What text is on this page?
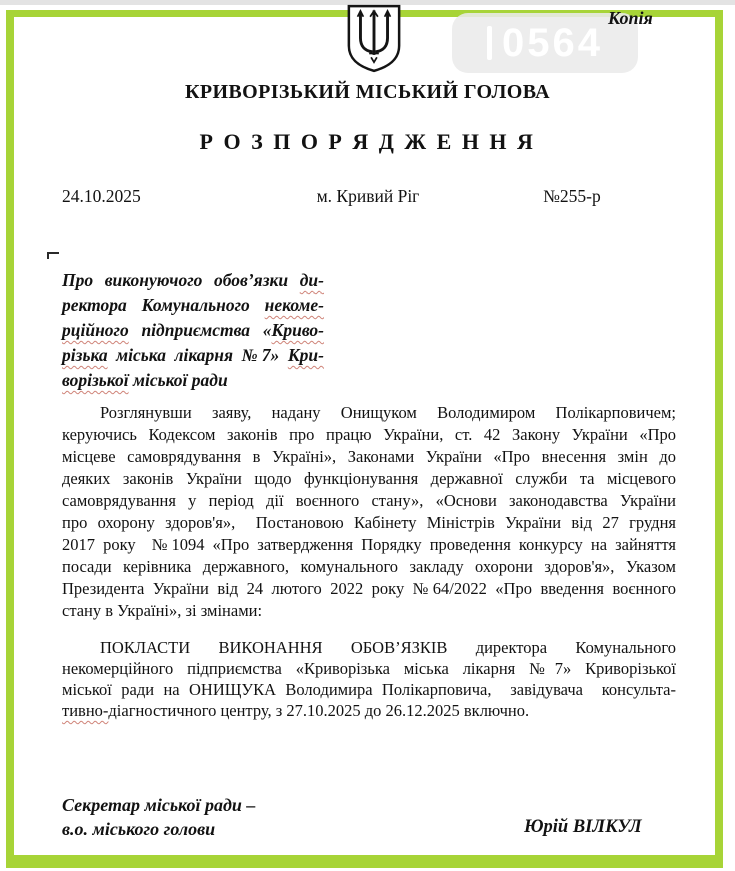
0564
Копія
КРИВОРІЗЬКИЙ МІСЬКИЙ ГОЛОВА
Р О З П О Р Я Д Ж Е Н Н Я
24.10.2025	м. Кривий Ріг	№255-р
Про виконуючого обов’язки ди-
ректора Комунального некоме-
рційного підприємства «Криво-
різька міська лікарня №7» Кри-
ворізької міської ради
Розглянувши заяву, надану Онищуком Володимиром Полікарповичем;
керуючись Кодексом законів про працю України, ст. 42 Закону України «Про
місцеве самоврядування в Україні», Законами України «Про внесення змін до
деяких законів України щодо функціонування державної служби та місцевого
самоврядування у період дії воєнного стану», «Основи законодавства України
про охорону здоров'я»,  Постановою Кабінету Міністрів України від 27 грудня
2017 року  №1094 «Про затвердження Порядку проведення конкурсу на зайняття
посади керівника державного, комунального закладу охорони здоров'я», Указом
Президента України від 24 лютого 2022 року №64/2022 «Про введення воєнного
стану в Україні», зі змінами:
ПОКЛАСТИ ВИКОНАННЯ ОБОВ’ЯЗКІВ директора Комунального
некомерційного підприємства «Криворізька міська лікарня №7» Криворізької
міської ради на ОНИЩУКА Володимира Полікарповича,  завідувача  консульта-
тивно-діагностичного центру, з 27.10.2025 до 26.12.2025 включно.
Секретар міської ради –
в.о. міського голови	Юрій ВІЛКУЛ
